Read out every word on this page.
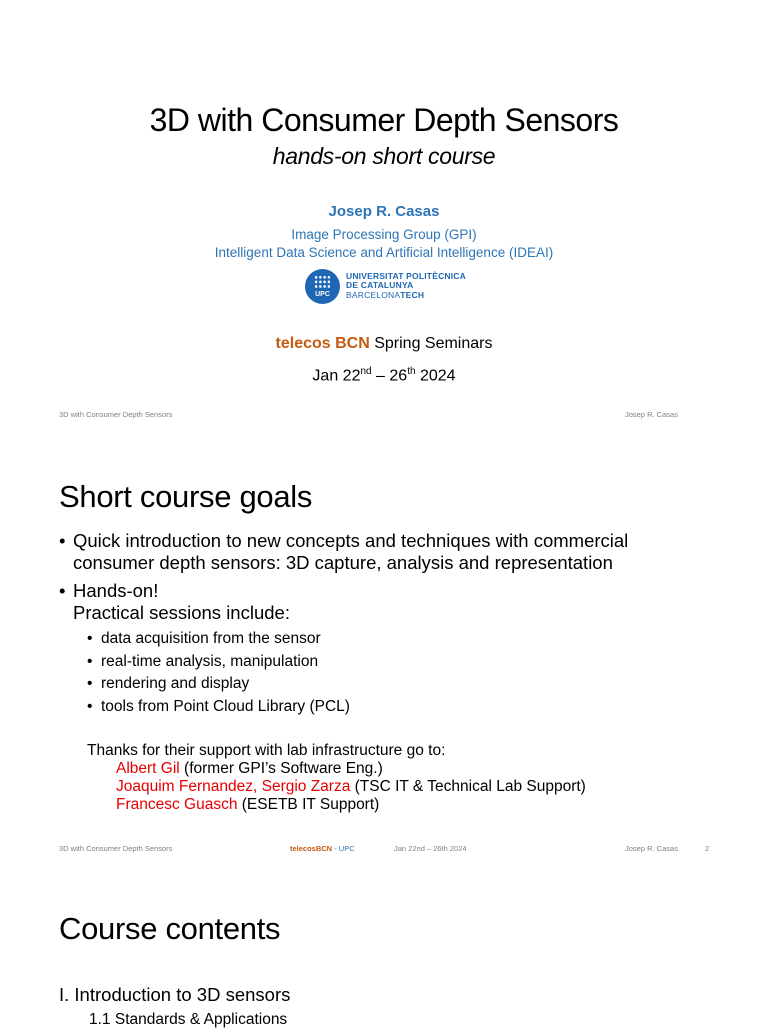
3D with Consumer Depth Sensors
hands-on short course
Josep R. Casas
Image Processing Group (GPI)
Intelligent Data Science and Artificial Intelligence (IDEAI)
UPC
UNIVERSITAT POLITÈCNICA
DE CATALUNYA
BARCELONATECH
telecos BCN Spring Seminars
Jan 22nd – 26th 2024
3D with Consumer Depth Sensors	Josep R. Casas
Short course goals
• Quick introduction to new concepts and techniques with commercial
consumer depth sensors: 3D capture, analysis and representation
• Hands-on!
Practical sessions include:
• data acquisition from the sensor
• real-time analysis, manipulation
• rendering and display
• tools from Point Cloud Library (PCL)
Thanks for their support with lab infrastructure go to:
Albert Gil (former GPI’s Software Eng.)
Joaquim Fernandez, Sergio Zarza (TSC IT & Technical Lab Support)
Francesc Guasch (ESETB IT Support)
3D with Consumer Depth Sensors	telecosBCN - UPC	Jan 22nd – 26th 2024	Josep R. Casas	2
Course contents
I. Introduction to 3D sensors
1.1 Standards & Applications
